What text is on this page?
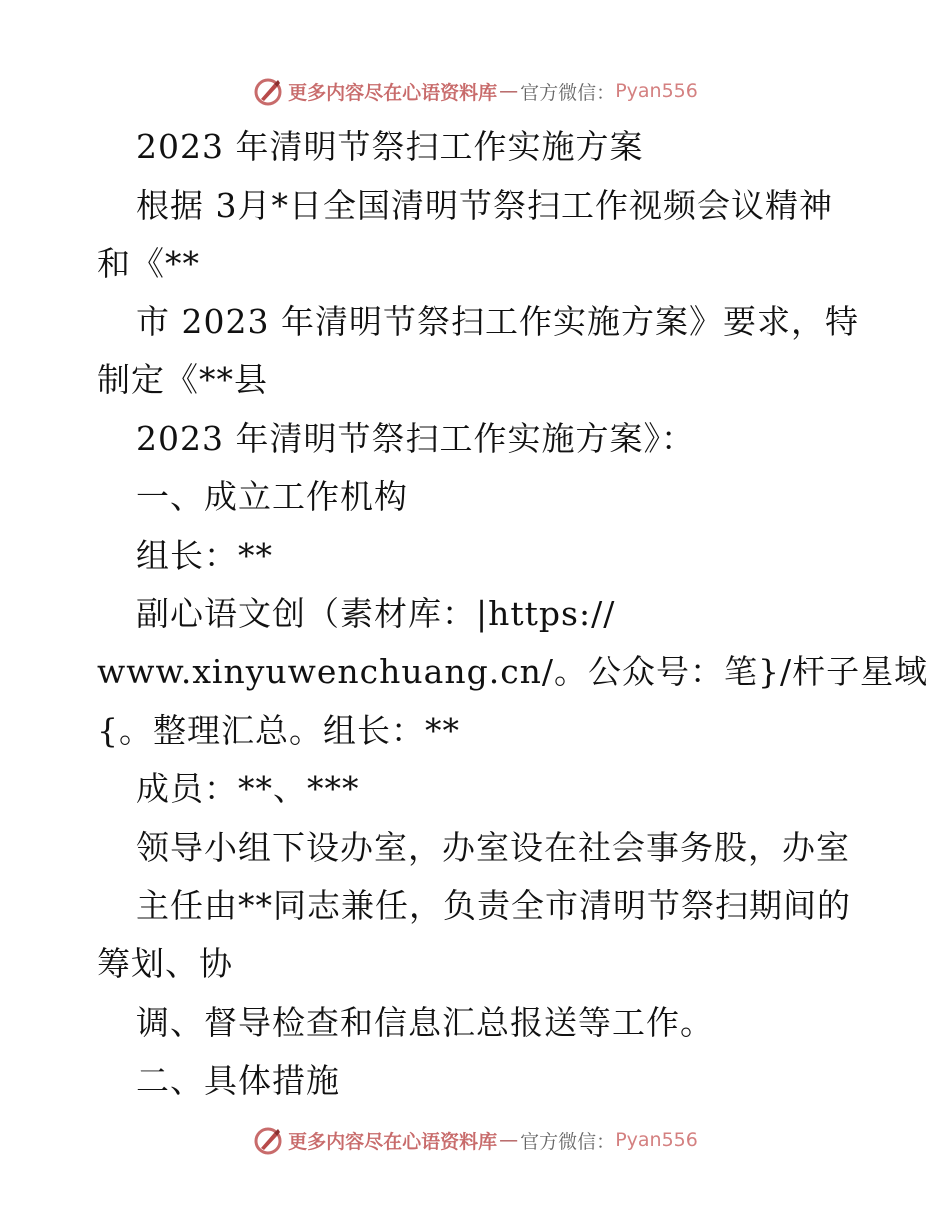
更多内容尽在心语资料库 — 官方微信： Pyan556
2023 年清明节祭扫工作实施方案
根据 3月*日全国清明节祭扫工作视频会议精神
和《**
市 2023 年清明节祭扫工作实施方案》要求，特
制定《**县
2023 年清明节祭扫工作实施方案》：
一、成立工作机构
组长：**
副心语文创（素材库：|https://
www.xinyuwenchuang.cn/。公众号：笔}/杆子星域
{。整理汇总。组长：**
成员：**、***
领导小组下设办室，办室设在社会事务股，办室
主任由**同志兼任，负责全市清明节祭扫期间的
筹划、协
调、督导检查和信息汇总报送等工作。
二、具体措施
更多内容尽在心语资料库 — 官方微信： Pyan556
